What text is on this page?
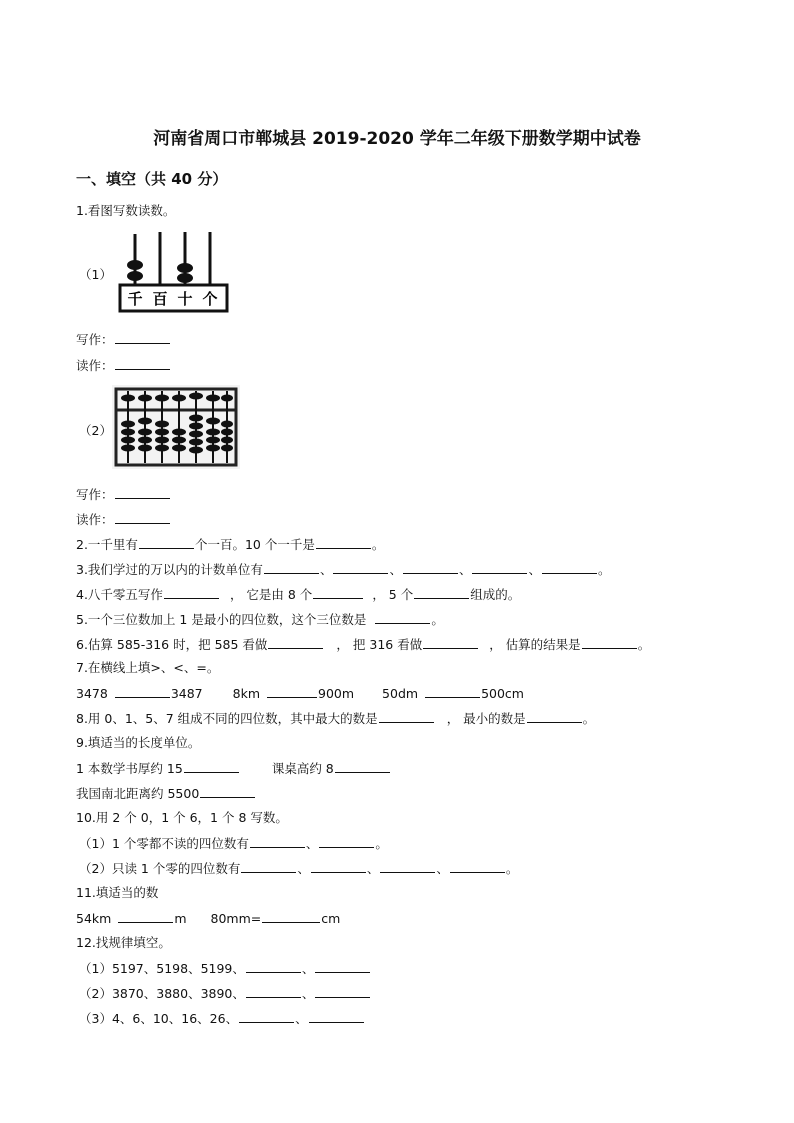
河南省周口市郸城县 2019-2020 学年二年级下册数学期中试卷
一、填空（共 40 分）
1.看图写数读数。
（1）
千 百 十 个
写作：
读作：
（2）
写作：
读作：
2.一千里有	个一百。10 个一千是	。
3.我们学过的万以内的计数单位有	、	、	、	、	。
4.八千零五写作	， 它是由 8 个	， 5 个	组成的。
5.一个三位数加上 1 是最小的四位数，这个三位数是	。
6.估算 585-316 时，把 585 看做	， 把 316 看做	， 估算的结果是	。
7.在横线上填>、<、=。
3478	3487 8km	900m 50dm	500cm
8.用 0、1、5、7 组成不同的四位数，其中最大的数是	， 最小的数是	。
9.填适当的长度单位。
1 本数学书厚约 15	课桌高约 8
我国南北距离约 5500
10.用 2 个 0，1 个 6，1 个 8 写数。
（1）1 个零都不读的四位数有	、	。
（2）只读 1 个零的四位数有	、	、	、	。
11.填适当的数
54km	m 80mm=	cm
12.找规律填空。
（1）5197、5198、5199、	、
（2）3870、3880、3890、	、
（3）4、6、10、16、26、	、
